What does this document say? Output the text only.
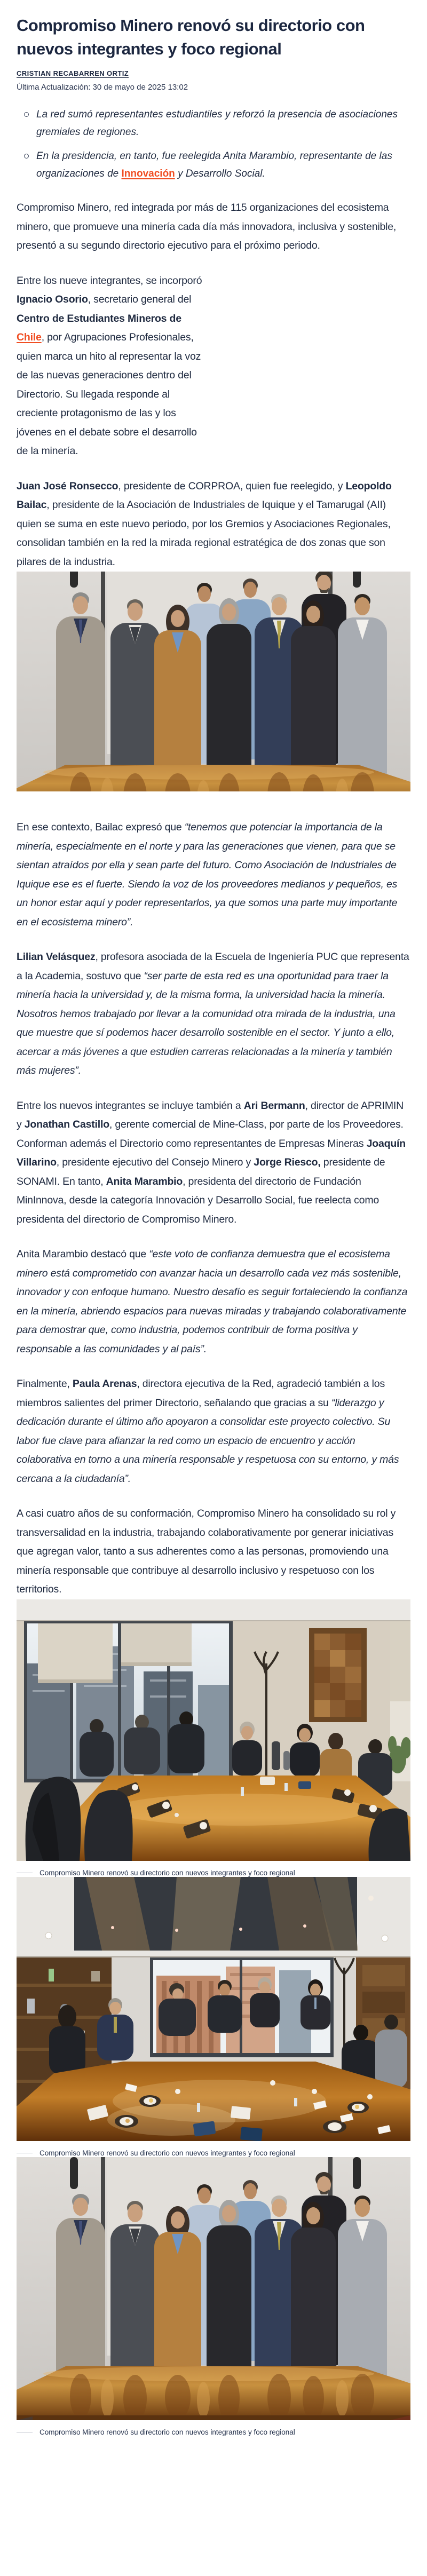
Compromiso Minero renovó su directorio con nuevos integrantes y foco regional
CRISTIAN RECABARREN ORTIZ
Última Actualización: 30 de mayo de 2025 13:02
La red sumó representantes estudiantiles y reforzó la presencia de asociaciones gremiales de regiones.
En la presidencia, en tanto, fue reelegida Anita Marambio, representante de las organizaciones de Innovación y Desarrollo Social.

Compromiso Minero, red integrada por más de 115 organizaciones del ecosistema minero, que promueve una minería cada día más innovadora, inclusiva y sostenible, presentó a su segundo directorio ejecutivo para el próximo periodo.

Entre los nueve integrantes, se incorporó Ignacio Osorio, secretario general del Centro de Estudiantes Mineros de Chile, por Agrupaciones Profesionales, quien marca un hito al representar la voz de las nuevas generaciones dentro del Directorio. Su llegada responde al creciente protagonismo de las y los jóvenes en el debate sobre el desarrollo de la minería.

Juan José Ronsecco, presidente de CORPROA, quien fue reelegido, y Leopoldo Bailac, presidente de la Asociación de Industriales de Iquique y el Tamarugal (AII) quien se suma en este nuevo periodo, por los Gremios y Asociaciones Regionales, consolidan también en la red la mirada regional estratégica de dos zonas que son pilares de la industria.

En ese contexto, Bailac expresó que “tenemos que potenciar la importancia de la minería, especialmente en el norte y para las generaciones que vienen, para que se sientan atraídos por ella y sean parte del futuro. Como Asociación de Industriales de Iquique ese es el fuerte. Siendo la voz de los proveedores medianos y pequeños, es un honor estar aquí y poder representarlos, ya que somos una parte muy importante en el ecosistema minero”.

Lilian Velásquez, profesora asociada de la Escuela de Ingeniería PUC que representa a la Academia, sostuvo que “ser parte de esta red es una oportunidad para traer la minería hacia la universidad y, de la misma forma, la universidad hacia la minería. Nosotros hemos trabajado por llevar a la comunidad otra mirada de la industria, una que muestre que sí podemos hacer desarrollo sostenible en el sector. Y junto a ello, acercar a más jóvenes a que estudien carreras relacionadas a la minería y también más mujeres”.

Entre los nuevos integrantes se incluye también a Ari Bermann, director de APRIMIN y Jonathan Castillo, gerente comercial de Mine-Class, por parte de los Proveedores. Conforman además el Directorio como representantes de Empresas Mineras Joaquín Villarino, presidente ejecutivo del Consejo Minero y Jorge Riesco, presidente de SONAMI. En tanto, Anita Marambio, presidenta del directorio de Fundación MinInnova, desde la categoría Innovación y Desarrollo Social, fue reelecta como presidenta del directorio de Compromiso Minero.

Anita Marambio destacó que “este voto de confianza demuestra que el ecosistema minero está comprometido con avanzar hacia un desarrollo cada vez más sostenible, innovador y con enfoque humano. Nuestro desafío es seguir fortaleciendo la confianza en la minería, abriendo espacios para nuevas miradas y trabajando colaborativamente para demostrar que, como industria, podemos contribuir de forma positiva y responsable a las comunidades y al país”.

Finalmente, Paula Arenas, directora ejecutiva de la Red, agradeció también a los miembros salientes del primer Directorio, señalando que gracias a su “liderazgo y dedicación durante el último año apoyaron a consolidar este proyecto colectivo. Su labor fue clave para afianzar la red como un espacio de encuentro y acción colaborativa en torno a una minería responsable y respetuosa con su entorno, y más cercana a la ciudadanía”.

A casi cuatro años de su conformación, Compromiso Minero ha consolidado su rol y transversalidad en la industria, trabajando colaborativamente por generar iniciativas que agregan valor, tanto a sus adherentes como a las personas, promoviendo una minería responsable que contribuye al desarrollo inclusivo y respetuoso con los territorios.

Compromiso Minero renovó su directorio con nuevos integrantes y foco regional
Compromiso Minero renovó su directorio con nuevos integrantes y foco regional
Compromiso Minero renovó su directorio con nuevos integrantes y foco regional
